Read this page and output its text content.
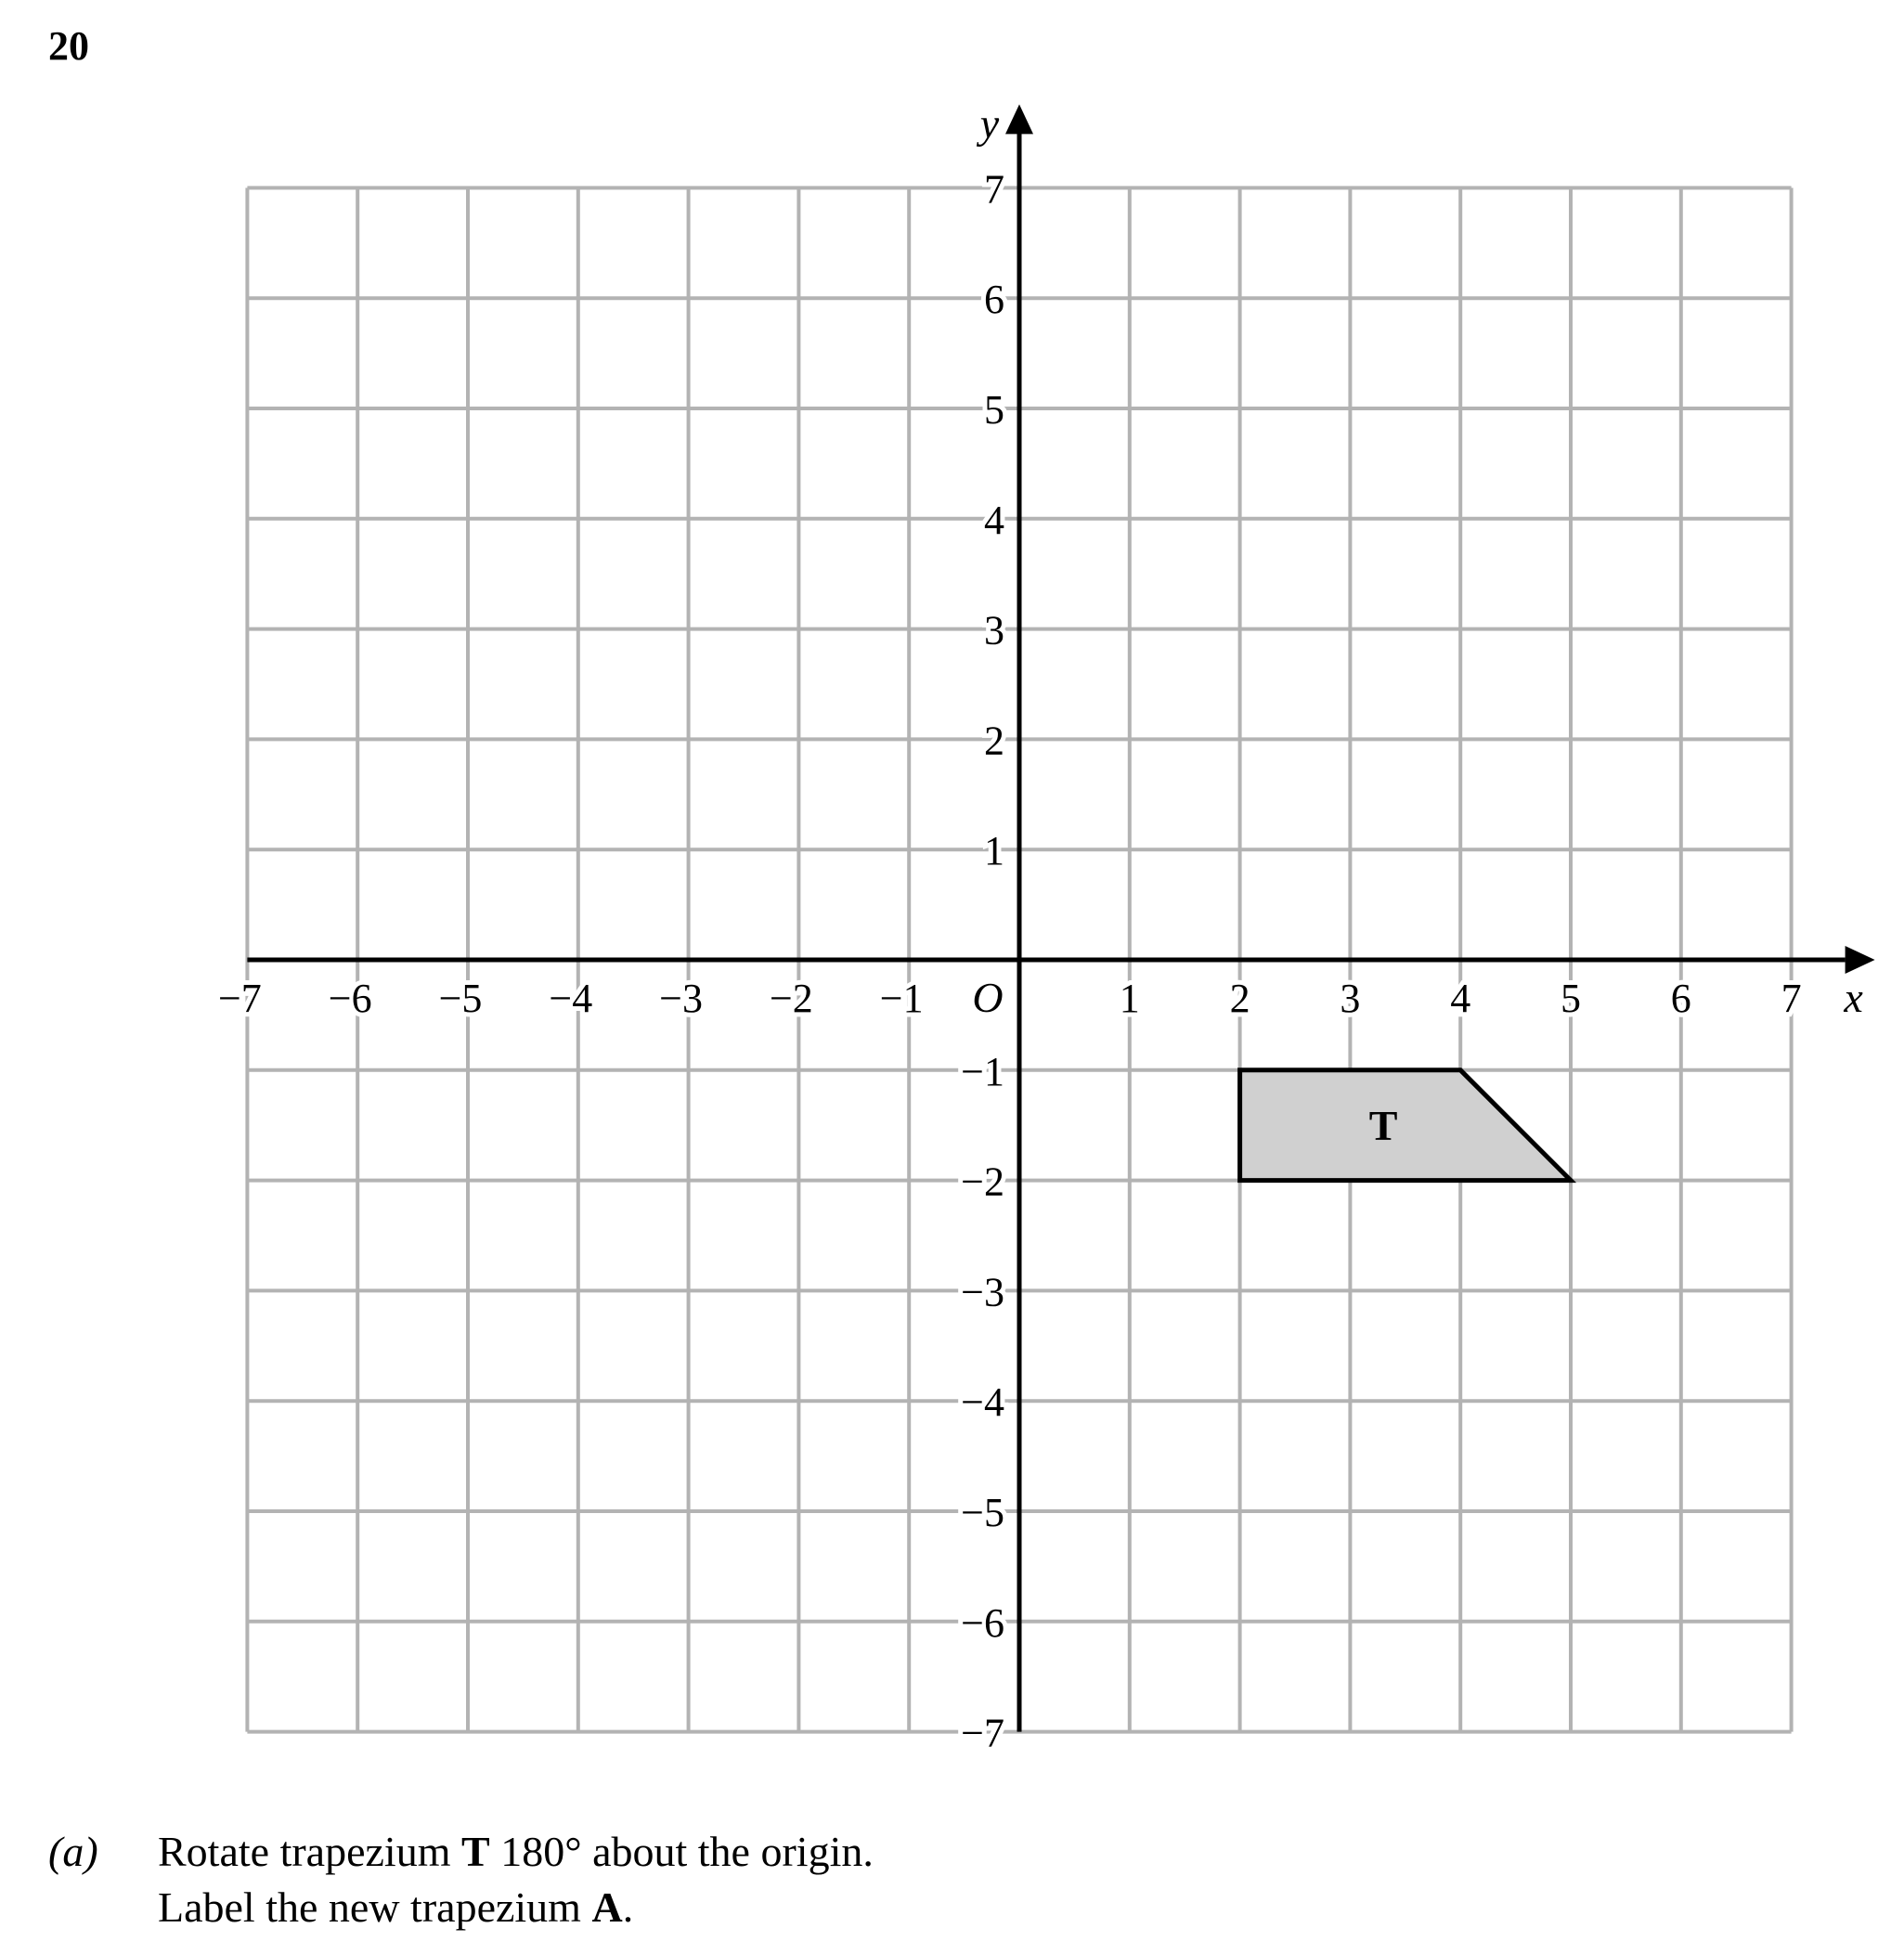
20
T
x
y
O
−7 −6 −5 −4 −3 −2 −1	1 2 3 4 5 6 7
7
6
5
4
3
2
1
−1
−2
−3
−4
−5
−6
−7
(a) Rotate trapezium T 180° about the origin.
Label the new trapezium A.
